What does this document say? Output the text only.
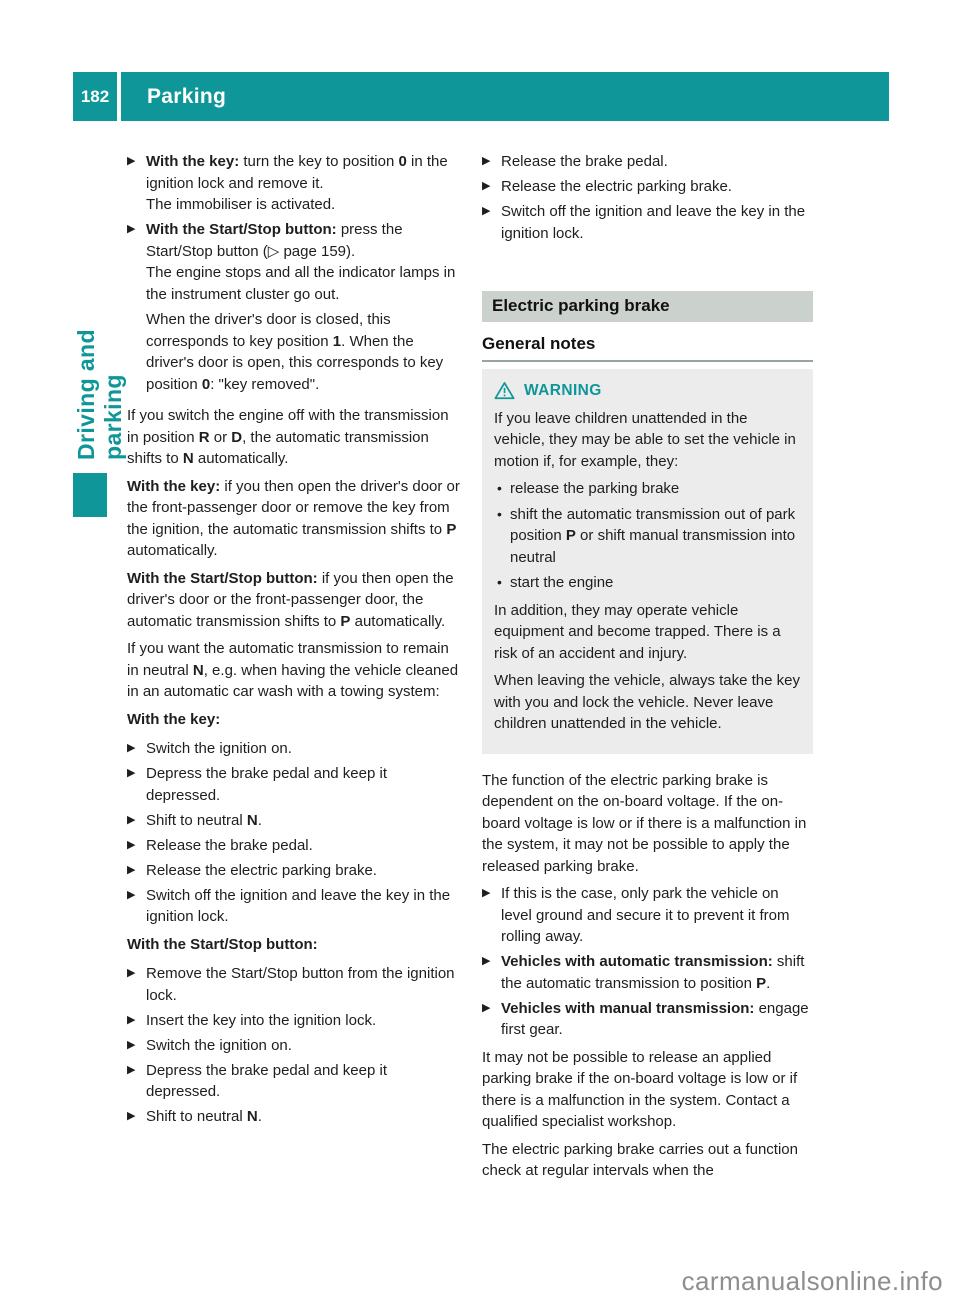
182	Parking
Driving and parking
▶ With the key: turn the key to position 0 in the ignition lock and remove it.
The immobiliser is activated.
▶ With the Start/Stop button: press the Start/Stop button (▷ page 159).
The engine stops and all the indicator lamps in the instrument cluster go out.

When the driver's door is closed, this corresponds to key position 1. When the driver's door is open, this corresponds to key position 0: "key removed".

If you switch the engine off with the transmission in position R or D, the automatic transmission shifts to N automatically.

With the key: if you then open the driver's door or the front-passenger door or remove the key from the ignition, the automatic transmission shifts to P automatically.

With the Start/Stop button: if you then open the driver's door or the front-passenger door, the automatic transmission shifts to P automatically.

If you want the automatic transmission to remain in neutral N, e.g. when having the vehicle cleaned in an automatic car wash with a towing system:

With the key:

▶ Switch the ignition on.
▶ Depress the brake pedal and keep it depressed.
▶ Shift to neutral N.
▶ Release the brake pedal.
▶ Release the electric parking brake.
▶ Switch off the ignition and leave the key in the ignition lock.

With the Start/Stop button:

▶ Remove the Start/Stop button from the ignition lock.
▶ Insert the key into the ignition lock.
▶ Switch the ignition on.
▶ Depress the brake pedal and keep it depressed.
▶ Shift to neutral N.
▶ Release the brake pedal.
▶ Release the electric parking brake.
▶ Switch off the ignition and leave the key in the ignition lock.
Electric parking brake
General notes
WARNING

If you leave children unattended in the vehicle, they may be able to set the vehicle in motion if, for example, they:

• release the parking brake
• shift the automatic transmission out of park position P or shift manual transmission into neutral
• start the engine

In addition, they may operate vehicle equipment and become trapped. There is a risk of an accident and injury.

When leaving the vehicle, always take the key with you and lock the vehicle. Never leave children unattended in the vehicle.

The function of the electric parking brake is dependent on the on-board voltage. If the on-board voltage is low or if there is a malfunction in the system, it may not be possible to apply the released parking brake.

▶ If this is the case, only park the vehicle on level ground and secure it to prevent it from rolling away.
▶ Vehicles with automatic transmission: shift the automatic transmission to position P.
▶ Vehicles with manual transmission: engage first gear.

It may not be possible to release an applied parking brake if the on-board voltage is low or if there is a malfunction in the system. Contact a qualified specialist workshop.

The electric parking brake carries out a function check at regular intervals when the

carmanualsonline.info
